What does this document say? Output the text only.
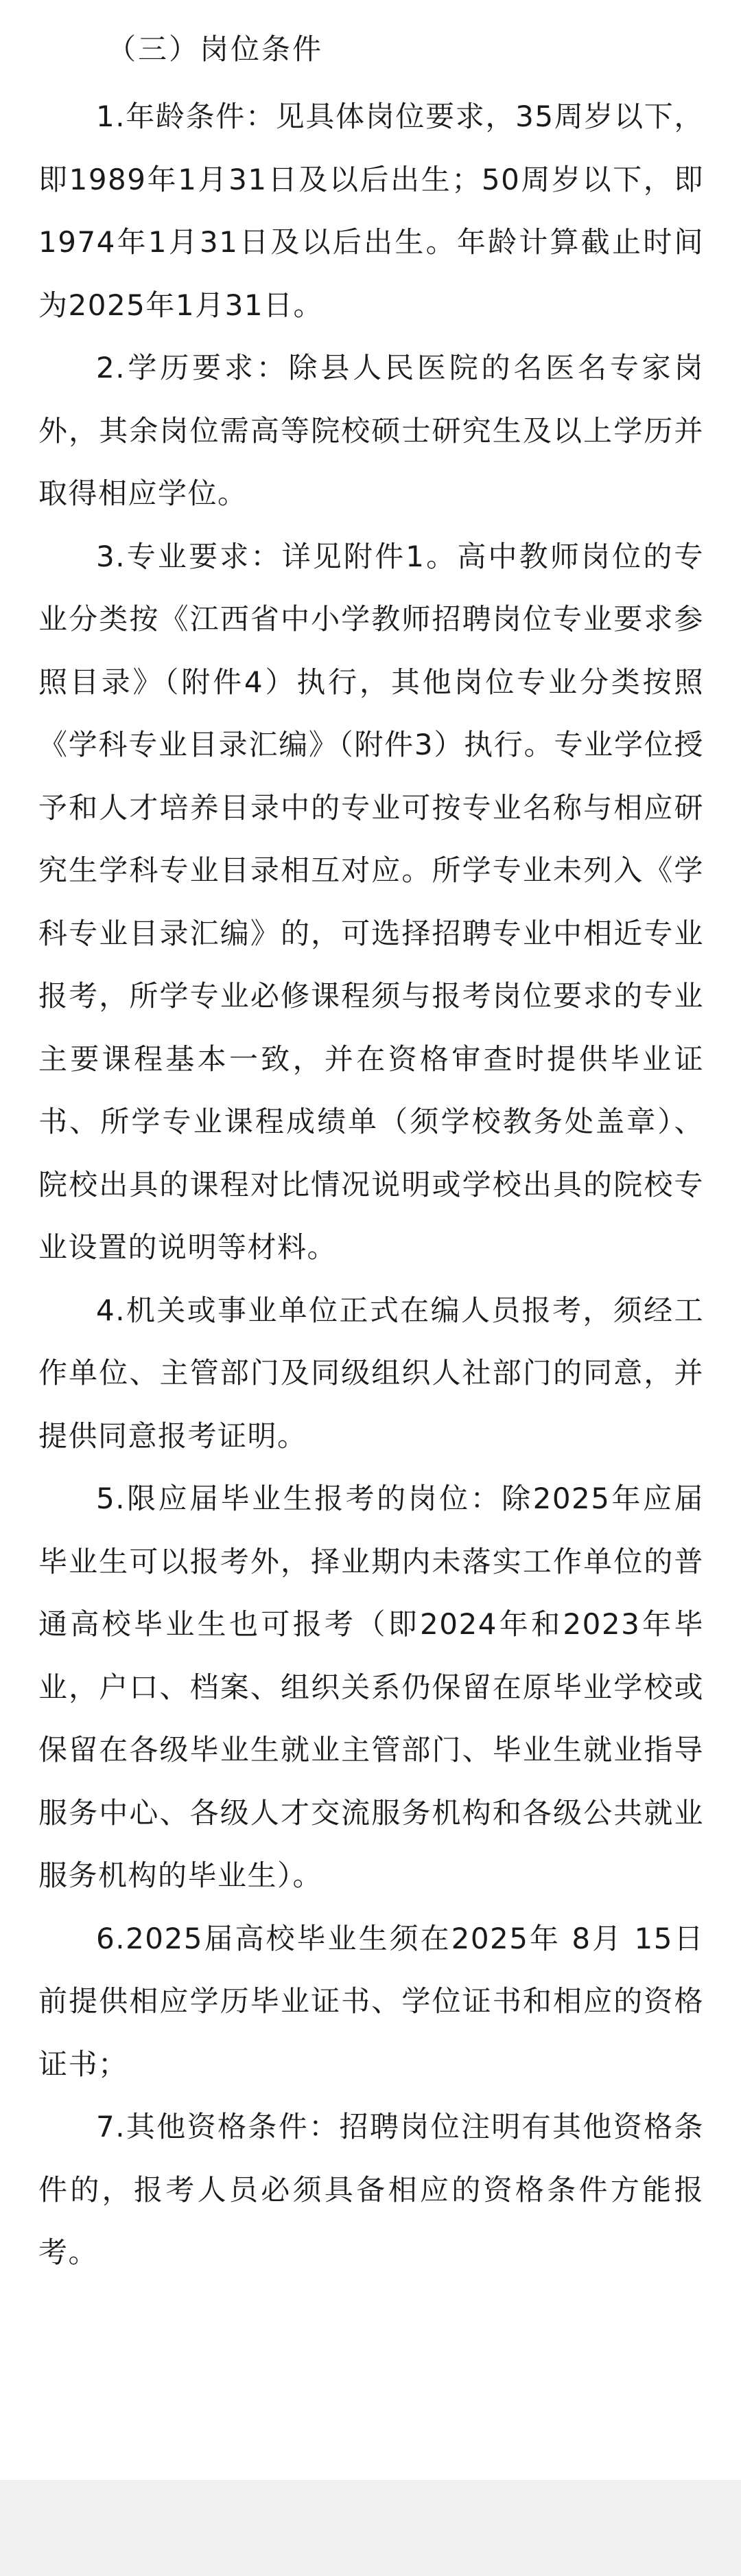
（三）岗位条件

1.年龄条件：见具体岗位要求，35周岁以下，即1989年1月31日及以后出生；50周岁以下，即1974年1月31日及以后出生。年龄计算截止时间为2025年1月31日。

2.学历要求：除县人民医院的名医名专家岗外，其余岗位需高等院校硕士研究生及以上学历并取得相应学位。

3.专业要求：详见附件1。高中教师岗位的专业分类按《江西省中小学教师招聘岗位专业要求参照目录》（附件4）执行，其他岗位专业分类按照《学科专业目录汇编》（附件3）执行。专业学位授予和人才培养目录中的专业可按专业名称与相应研究生学科专业目录相互对应。所学专业未列入《学科专业目录汇编》的，可选择招聘专业中相近专业报考，所学专业必修课程须与报考岗位要求的专业主要课程基本一致，并在资格审查时提供毕业证书、所学专业课程成绩单（须学校教务处盖章）、院校出具的课程对比情况说明或学校出具的院校专业设置的说明等材料。

4.机关或事业单位正式在编人员报考，须经工作单位、主管部门及同级组织人社部门的同意，并提供同意报考证明。

5.限应届毕业生报考的岗位：除2025年应届毕业生可以报考外，择业期内未落实工作单位的普通高校毕业生也可报考（即2024年和2023年毕业，户口、档案、组织关系仍保留在原毕业学校或保留在各级毕业生就业主管部门、毕业生就业指导服务中心、各级人才交流服务机构和各级公共就业服务机构的毕业生）。

6.2025届高校毕业生须在2025年 8月 15日前提供相应学历毕业证书、学位证书和相应的资格证书；

7.其他资格条件：招聘岗位注明有其他资格条件的，报考人员必须具备相应的资格条件方能报考。
